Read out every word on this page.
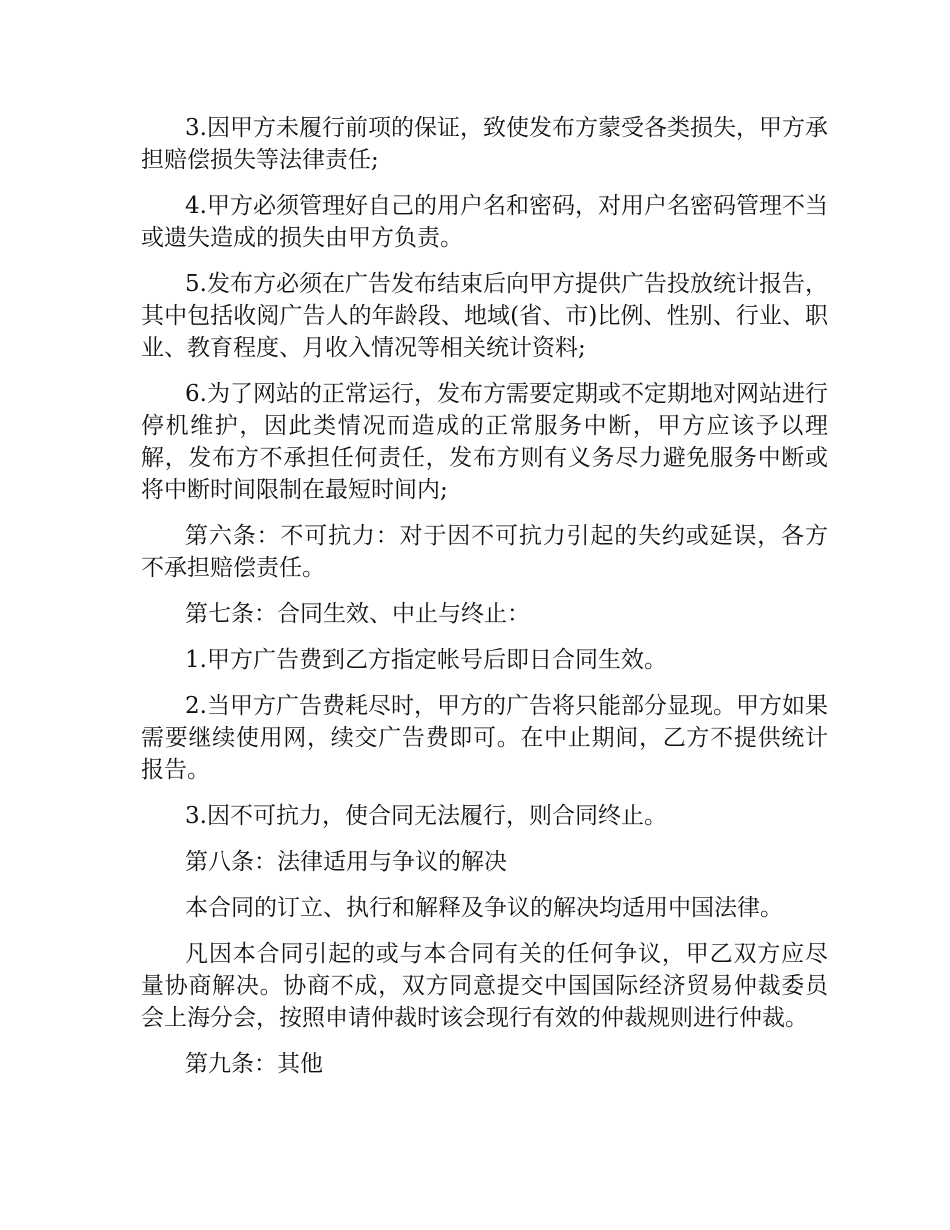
3.因甲方未履行前项的保证，致使发布方蒙受各类损失，甲方承担赔偿损失等法律责任;

4.甲方必须管理好自己的用户名和密码，对用户名密码管理不当或遗失造成的损失由甲方负责。

5.发布方必须在广告发布结束后向甲方提供广告投放统计报告，其中包括收阅广告人的年龄段、地域(省、市)比例、性别、行业、职业、教育程度、月收入情况等相关统计资料;

6.为了网站的正常运行，发布方需要定期或不定期地对网站进行停机维护，因此类情况而造成的正常服务中断，甲方应该予以理解，发布方不承担任何责任，发布方则有义务尽力避免服务中断或将中断时间限制在最短时间内;

第六条：不可抗力：对于因不可抗力引起的失约或延误，各方不承担赔偿责任。

第七条：合同生效、中止与终止：

1.甲方广告费到乙方指定帐号后即日合同生效。

2.当甲方广告费耗尽时，甲方的广告将只能部分显现。甲方如果需要继续使用网，续交广告费即可。在中止期间，乙方不提供统计报告。

3.因不可抗力，使合同无法履行，则合同终止。

第八条：法律适用与争议的解决

本合同的订立、执行和解释及争议的解决均适用中国法律。

凡因本合同引起的或与本合同有关的任何争议，甲乙双方应尽量协商解决。协商不成，双方同意提交中国国际经济贸易仲裁委员会上海分会，按照申请仲裁时该会现行有效的仲裁规则进行仲裁。

第九条：其他
